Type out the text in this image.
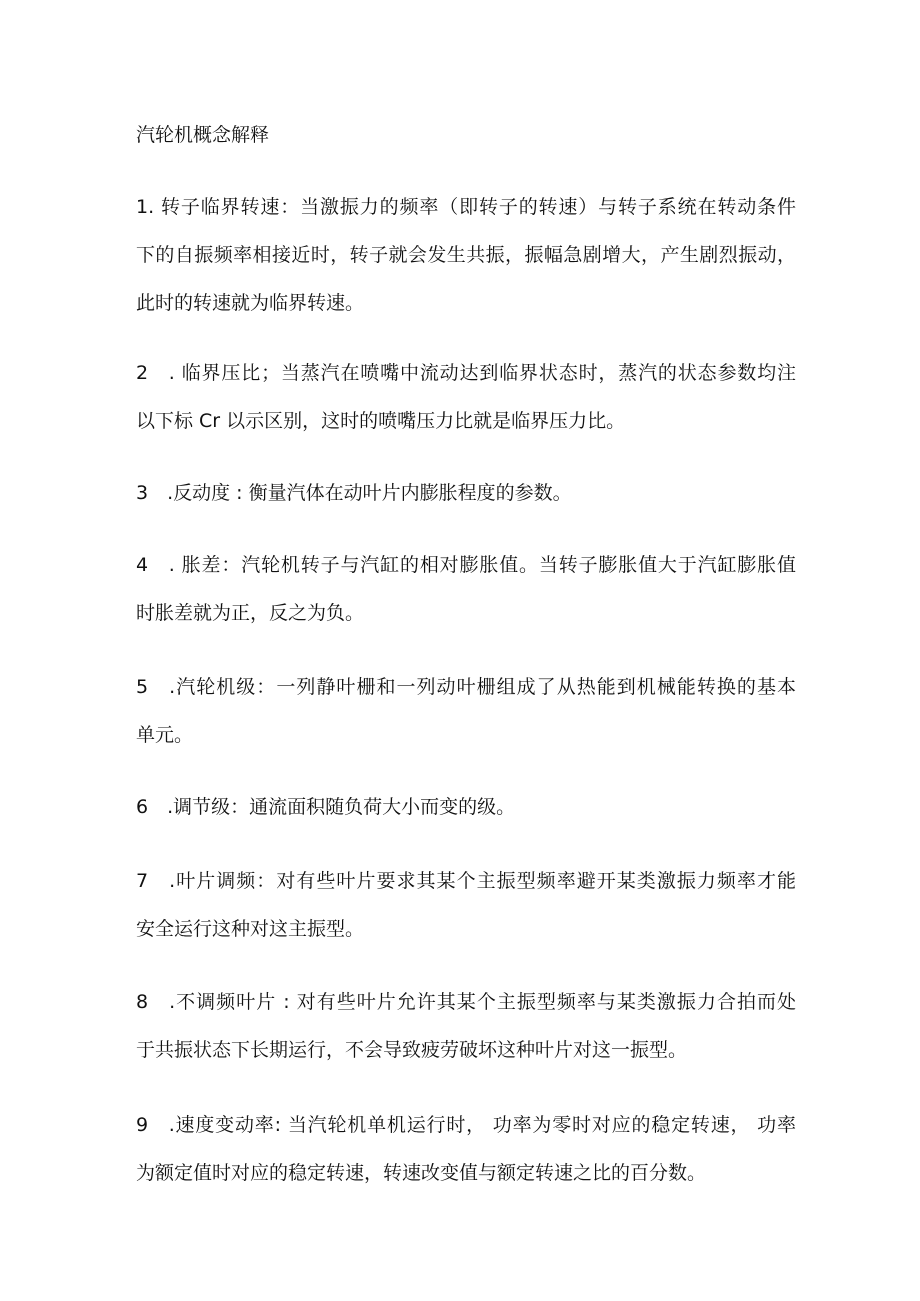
汽轮机概念解释
1. 转子临界转速：当激振力的频率（即转子的转速）与转子系统在转动条件
下的自振频率相接近时，转子就会发生共振，振幅急剧增大，产生剧烈振动，
此时的转速就为临界转速。
2　. 临界压比；当蒸汽在喷嘴中流动达到临界状态时，蒸汽的状态参数均注
以下标 Cr 以示区别，这时的喷嘴压力比就是临界压力比。
3　.反动度 : 衡量汽体在动叶片内膨胀程度的参数。
4　. 胀差：汽轮机转子与汽缸的相对膨胀值。当转子膨胀值大于汽缸膨胀值
时胀差就为正，反之为负。
5　.汽轮机级：一列静叶栅和一列动叶栅组成了从热能到机械能转换的基本
单元。
6　.调节级：通流面积随负荷大小而变的级。
7　.叶片调频：对有些叶片要求其某个主振型频率避开某类激振力频率才能
安全运行这种对这主振型。
8　.不调频叶片 : 对有些叶片允许其某个主振型频率与某类激振力合拍而处
于共振状态下长期运行，不会导致疲劳破坏这种叶片对这一振型。
9　.速度变动率: 当汽轮机单机运行时， 功率为零时对应的稳定转速， 功率
为额定值时对应的稳定转速，转速改变值与额定转速之比的百分数。
